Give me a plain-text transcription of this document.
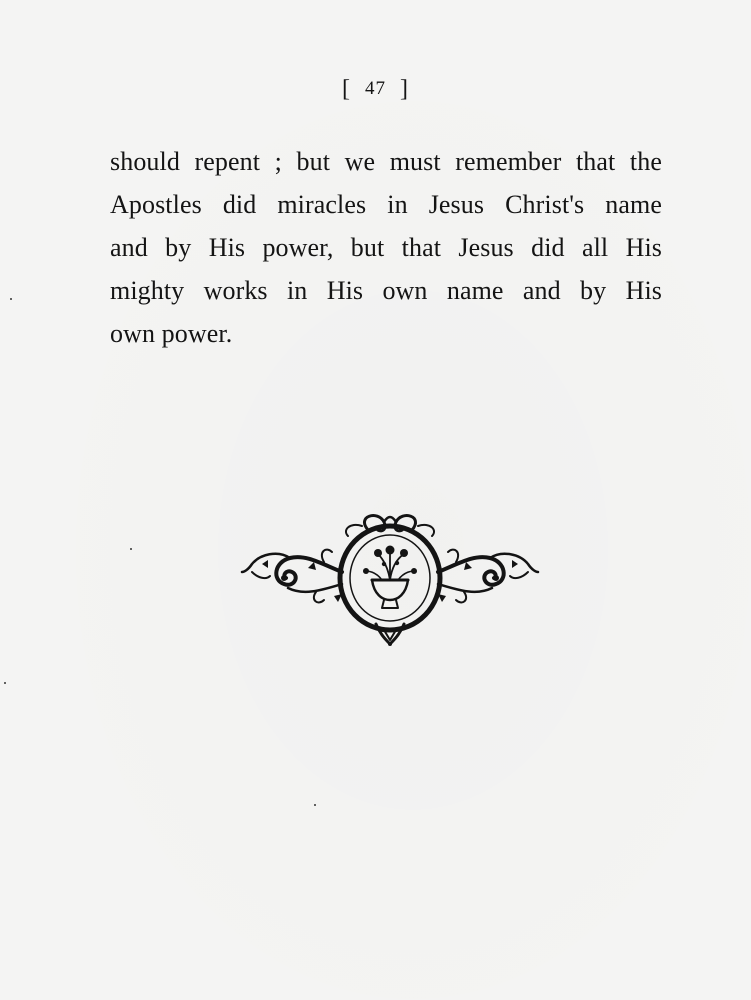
[ 47 ]
should repent ; but we must remember that the
Apostles did miracles in Jesus Christ's name
and by His power, but that Jesus did all His
mighty works in His own name and by His
own power.
